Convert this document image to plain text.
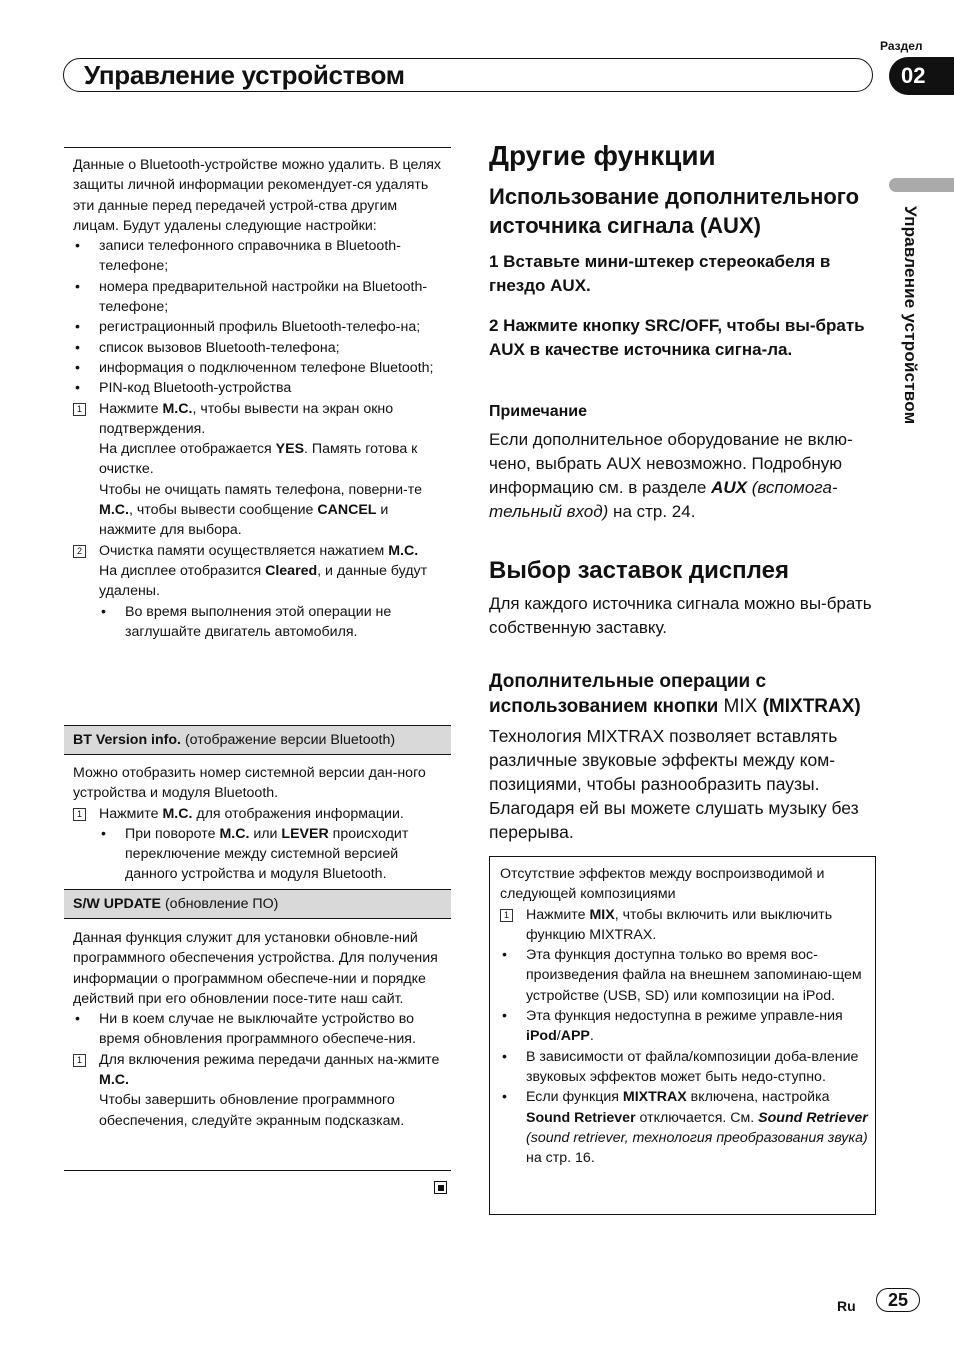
Раздел
02
Управление устройством
Управление устройством

Данные о Bluetooth-устройстве можно удалить. В целях защиты личной информации рекомендует-ся удалять эти данные перед передачей устрой-ства другим лицам. Будут удалены следующие настройки:

• записи телефонного справочника в Bluetooth-телефоне;
• номера предварительной настройки на Bluetooth-телефоне;
• регистрационный профиль Bluetooth-телефо-на;
• список вызовов Bluetooth-телефона;
• информация о подключенном телефоне Bluetooth;
• PIN-код Bluetooth-устройства
1 Нажмите M.C., чтобы вывести на экран окно подтверждения.
На дисплее отображается YES. Память готова к очистке.
Чтобы не очищать память телефона, поверни-те M.C., чтобы вывести сообщение CANCEL и нажмите для выбора.
2 Очистка памяти осуществляется нажатием M.C.
На дисплее отобразится Cleared, и данные будут удалены.
• Во время выполнения этой операции не заглушайте двигатель автомобиля.
BT Version info. (отображение версии Bluetooth)

Можно отобразить номер системной версии дан-ного устройства и модуля Bluetooth.

1 Нажмите M.C. для отображения информации.
• При повороте M.C. или LEVER происходит переключение между системной версией данного устройства и модуля Bluetooth.
S/W UPDATE (обновление ПО)

Данная функция служит для установки обновле-ний программного обеспечения устройства. Для получения информации о программном обеспече-нии и порядке действий при его обновлении посе-тите наш сайт.

• Ни в коем случае не выключайте устройство во время обновления программного обеспече-ния.
1 Для включения режима передачи данных на-жмите M.C.
Чтобы завершить обновление программного обеспечения, следуйте экранным подсказкам.
Другие функции
Использование дополнительного источника сигнала (AUX)
1 Вставьте мини-штекер стереокабеля в гнездо AUX.
2 Нажмите кнопку SRC/OFF, чтобы вы-брать AUX в качестве источника сигна-ла.
Примечание
Если дополнительное оборудование не вклю-чено, выбрать AUX невозможно. Подробную информацию см. в разделе AUX (вспомога-тельный вход) на стр. 24.
Выбор заставок дисплея
Для каждого источника сигнала можно вы-брать собственную заставку.
Дополнительные операции с использованием кнопки MIX (MIXTRAX)
Технология MIXTRAX позволяет вставлять различные звуковые эффекты между ком-позициями, чтобы разнообразить паузы. Благодаря ей вы можете слушать музыку без перерыва.

Отсутствие эффектов между воспроизводимой и следующей композициями

1 Нажмите MIX, чтобы включить или выключить функцию MIXTRAX.
• Эта функция доступна только во время вос-произведения файла на внешнем запоминаю-щем устройстве (USB, SD) или композиции на iPod.
• Эта функция недоступна в режиме управле-ния iPod/APP.
• В зависимости от файла/композиции доба-вление звуковых эффектов может быть недо-ступно.
• Если функция MIXTRAX включена, настройка Sound Retriever отключается. См. Sound Retriever (sound retriever, технология преобразования звука) на стр. 16.
Ru	25
